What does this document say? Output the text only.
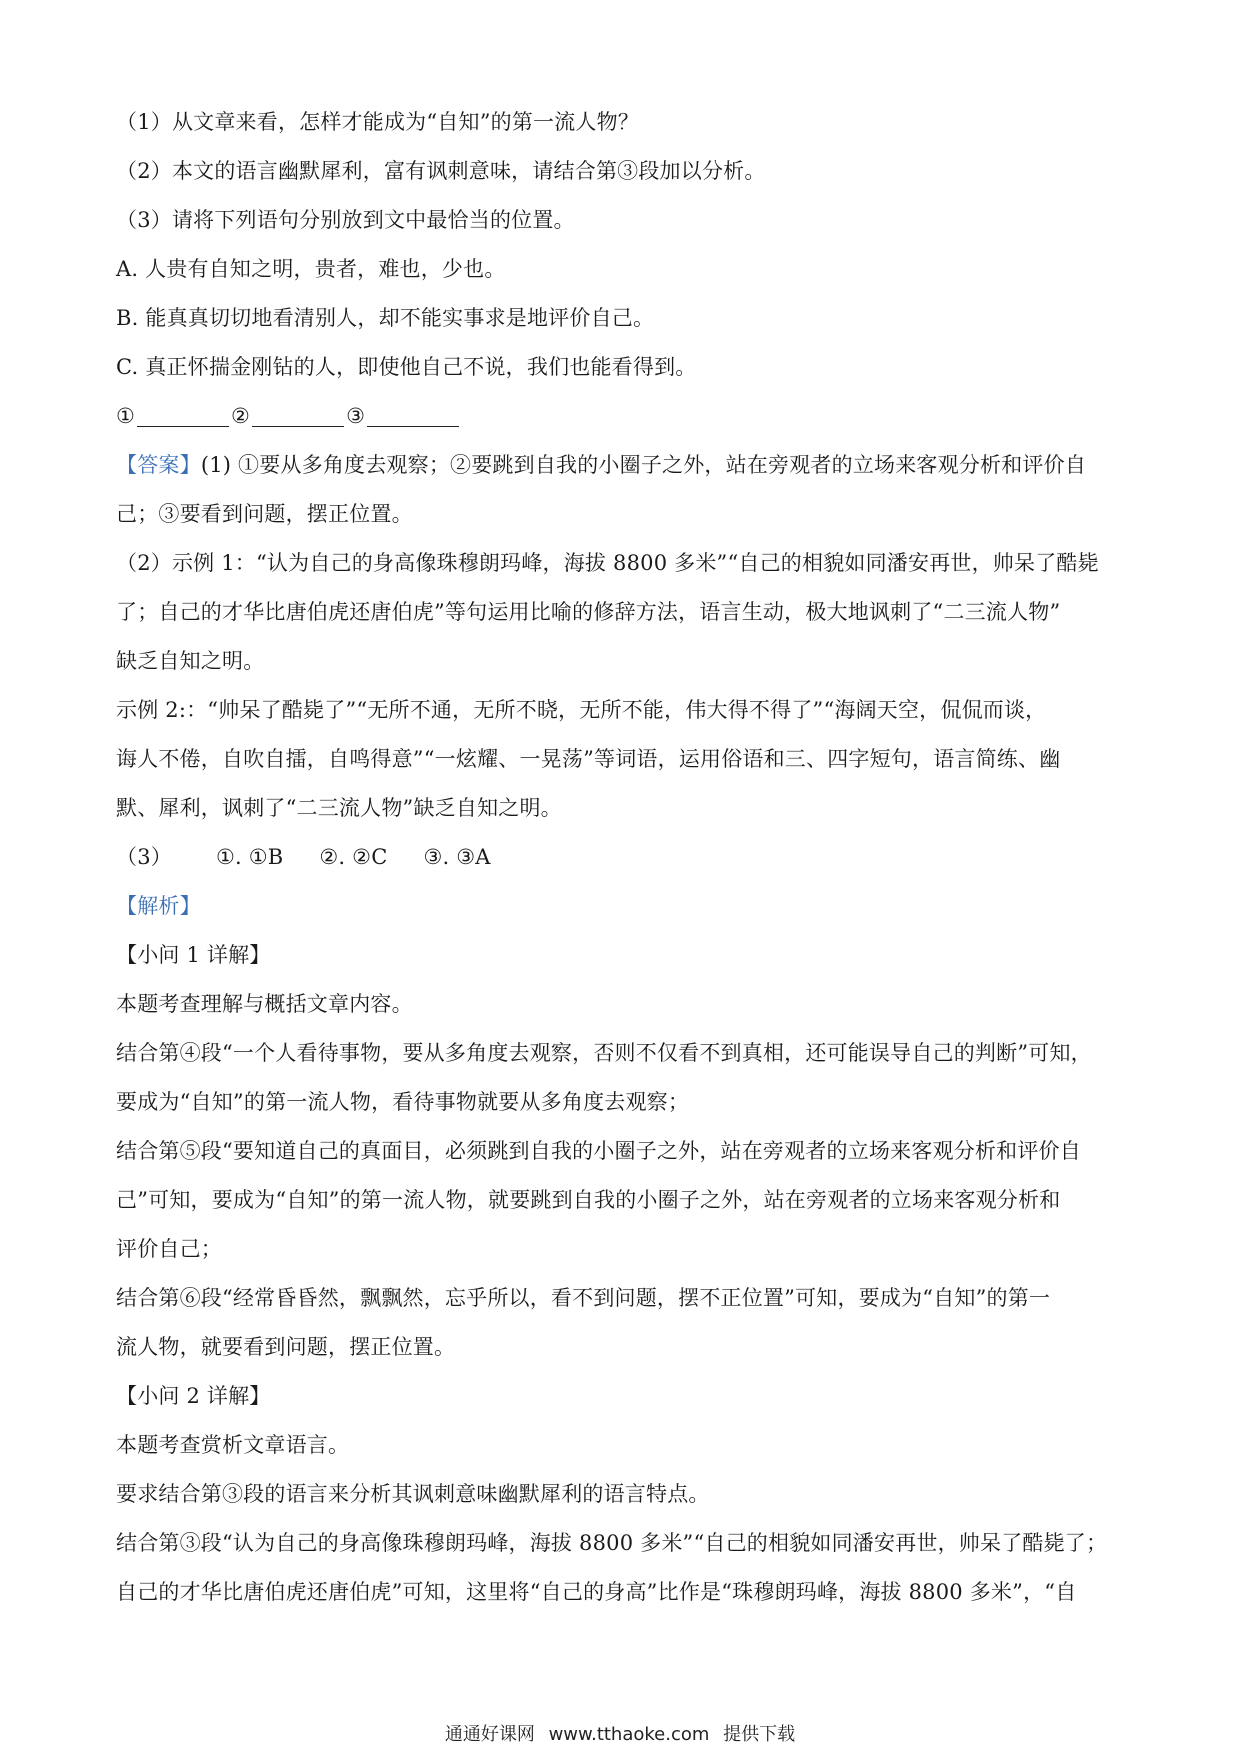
（1）从文章来看，怎样才能成为“自知”的第一流人物？
（2）本文的语言幽默犀利，富有讽刺意味，请结合第③段加以分析。
（3）请将下列语句分别放到文中最恰当的位置。
A. 人贵有自知之明，贵者，难也，少也。
B. 能真真切切地看清别人，却不能实事求是地评价自己。
C. 真正怀揣金刚钻的人，即使他自己不说，我们也能看得到。
①	②	③
【答案】(1) ①要从多角度去观察；②要跳到自我的小圈子之外，站在旁观者的立场来客观分析和评价自
己；③要看到问题，摆正位置。
（2）示例 1：“认为自己的身高像珠穆朗玛峰，海拔 8800 多米”“自己的相貌如同潘安再世，帅呆了酷毙
了；自己的才华比唐伯虎还唐伯虎”等句运用比喻的修辞方法，语言生动，极大地讽刺了“二三流人物”
缺乏自知之明。
示例 2:：“帅呆了酷毙了”“无所不通，无所不晓，无所不能，伟大得不得了”“海阔天空，侃侃而谈，
诲人不倦，自吹自擂，自鸣得意”“一炫耀、一晃荡”等词语，运用俗语和三、四字短句，语言简练、幽
默、犀利，讽刺了“二三流人物”缺乏自知之明。
（3） ①. ①B ②. ②C ③. ③A
【解析】
【小问 1 详解】
本题考查理解与概括文章内容。
结合第④段“一个人看待事物，要从多角度去观察，否则不仅看不到真相，还可能误导自己的判断”可知，
要成为“自知”的第一流人物，看待事物就要从多角度去观察；
结合第⑤段“要知道自己的真面目，必须跳到自我的小圈子之外，站在旁观者的立场来客观分析和评价自
己”可知，要成为“自知”的第一流人物，就要跳到自我的小圈子之外，站在旁观者的立场来客观分析和
评价自己；
结合第⑥段“经常昏昏然，飘飘然，忘乎所以，看不到问题，摆不正位置”可知，要成为“自知”的第一
流人物，就要看到问题，摆正位置。
【小问 2 详解】
本题考查赏析文章语言。
要求结合第③段的语言来分析其讽刺意味幽默犀利的语言特点。
结合第③段“认为自己的身高像珠穆朗玛峰，海拔 8800 多米”“自己的相貌如同潘安再世，帅呆了酷毙了；
自己的才华比唐伯虎还唐伯虎”可知，这里将“自己的身高”比作是“珠穆朗玛峰，海拔 8800 多米”，“自
通通好课网 www.tthaoke.com 提供下载
